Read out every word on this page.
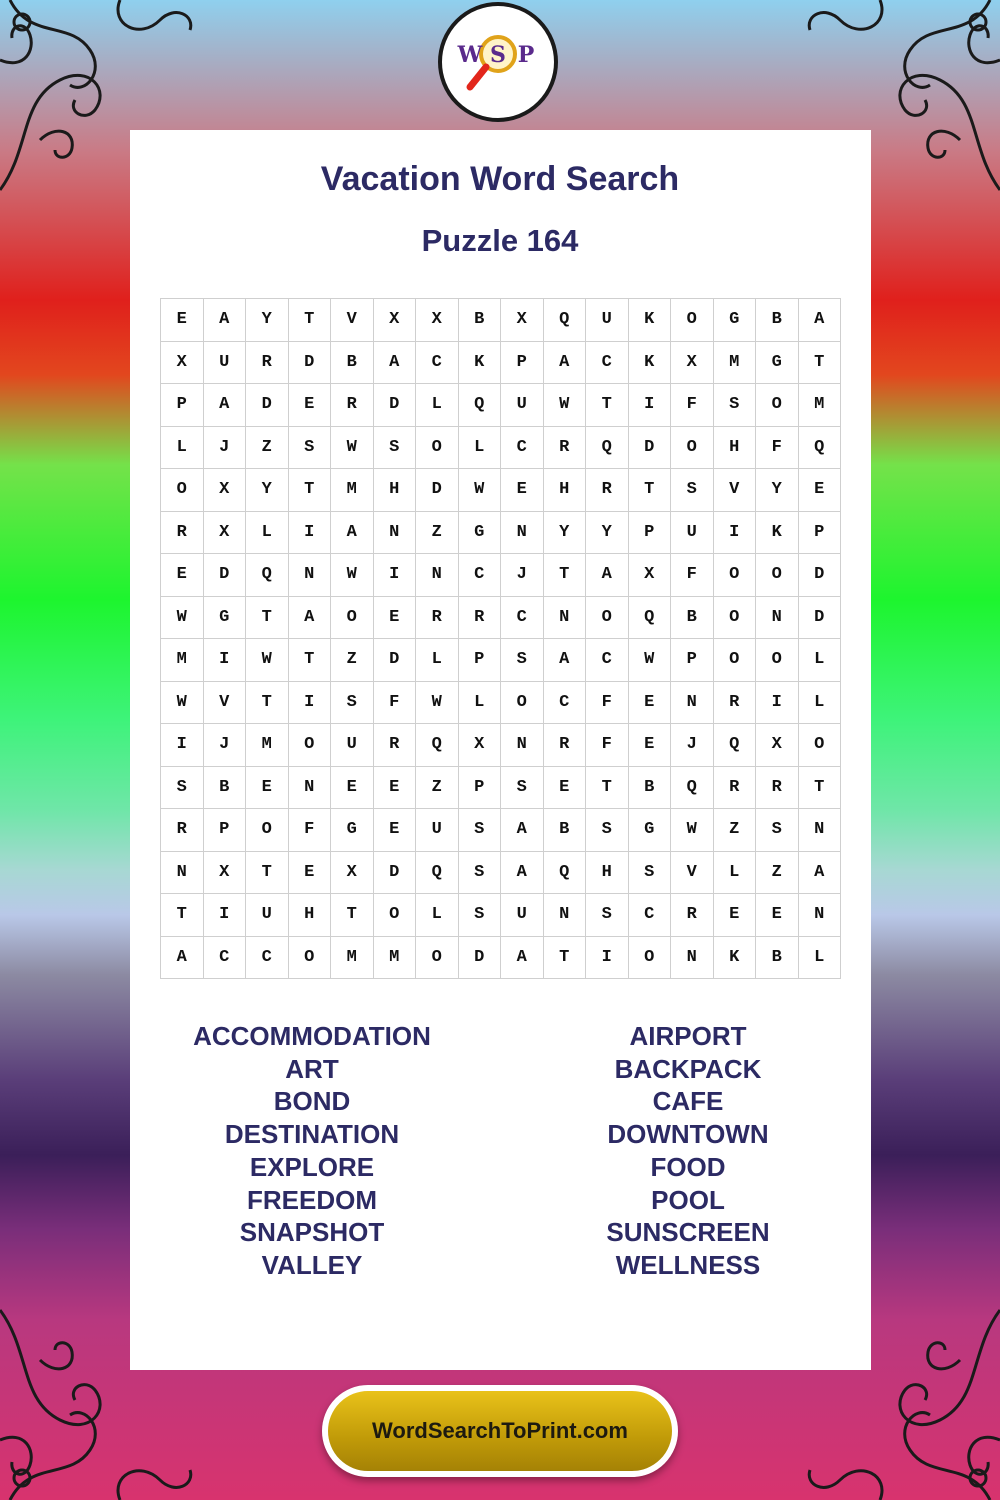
W S P
Vacation Word Search
Puzzle 164
E	A	Y	T	V	X	X	B	X	Q	U	K	O	G	B	A
X	U	R	D	B	A	C	K	P	A	C	K	X	M	G	T
P	A	D	E	R	D	L	Q	U	W	T	I	F	S	O	M
L	J	Z	S	W	S	O	L	C	R	Q	D	O	H	F	Q
O	X	Y	T	M	H	D	W	E	H	R	T	S	V	Y	E
R	X	L	I	A	N	Z	G	N	Y	Y	P	U	I	K	P
E	D	Q	N	W	I	N	C	J	T	A	X	F	O	O	D
W	G	T	A	O	E	R	R	C	N	O	Q	B	O	N	D
M	I	W	T	Z	D	L	P	S	A	C	W	P	O	O	L
W	V	T	I	S	F	W	L	O	C	F	E	N	R	I	L
I	J	M	O	U	R	Q	X	N	R	F	E	J	Q	X	O
S	B	E	N	E	E	Z	P	S	E	T	B	Q	R	R	T
R	P	O	F	G	E	U	S	A	B	S	G	W	Z	S	N
N	X	T	E	X	D	Q	S	A	Q	H	S	V	L	Z	A
T	I	U	H	T	O	L	S	U	N	S	C	R	E	E	N
A	C	C	O	M	M	O	D	A	T	I	O	N	K	B	L
ACCOMMODATION
ART
BOND
DESTINATION
EXPLORE
FREEDOM
SNAPSHOT
VALLEY
AIRPORT
BACKPACK
CAFE
DOWNTOWN
FOOD
POOL
SUNSCREEN
WELLNESS
WordSearchToPrint.com
